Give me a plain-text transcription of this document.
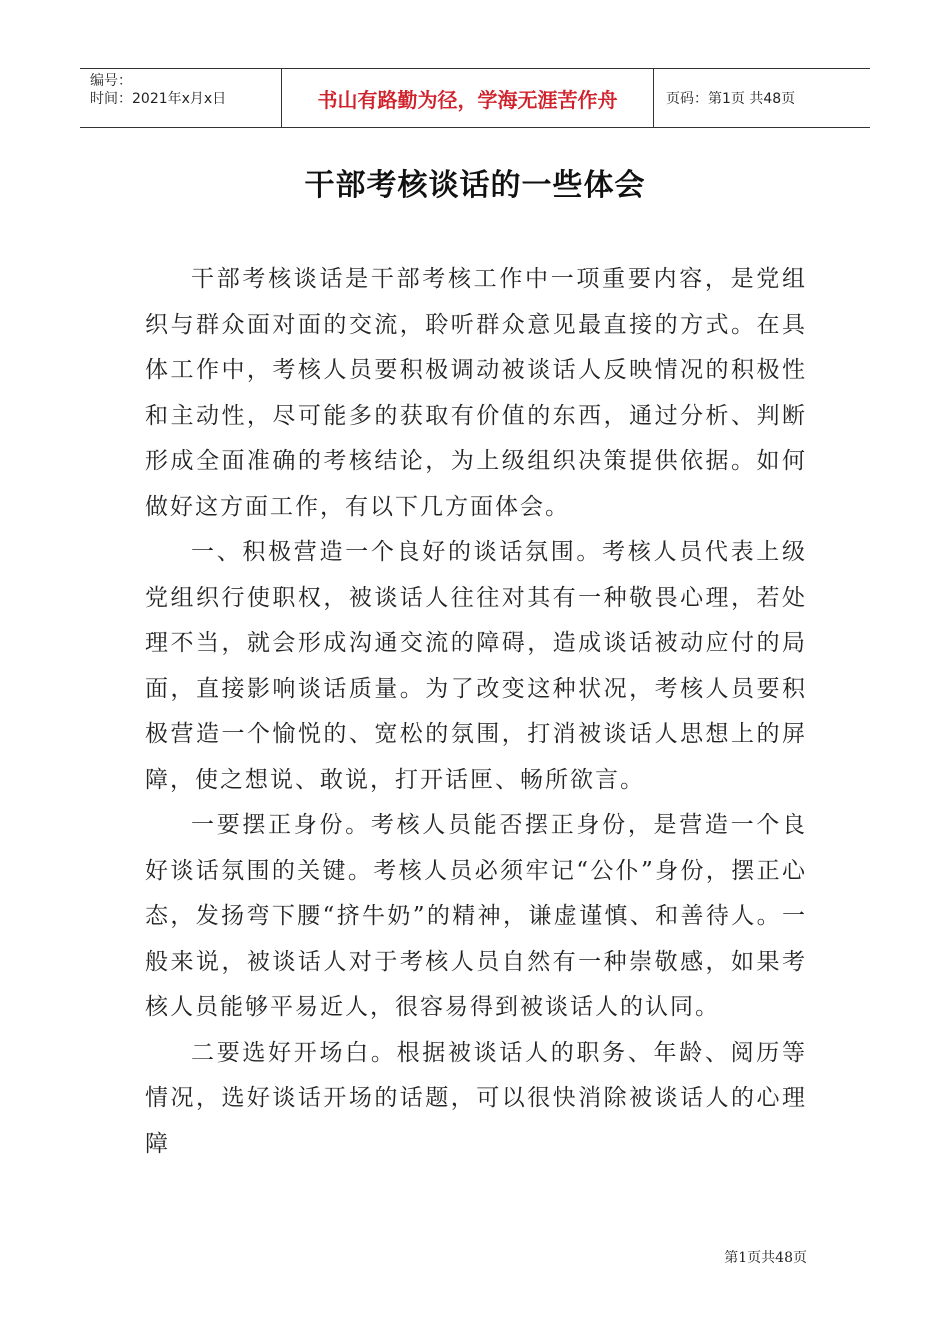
编号：
时间：2021年x月x日	书山有路勤为径，学海无涯苦作舟	页码：第1页 共48页
干部考核谈话的一些体会

干部考核谈话是干部考核工作中一项重要内容，是党组织与群众面对面的交流，聆听群众意见最直接的方式。在具体工作中，考核人员要积极调动被谈话人反映情况的积极性和主动性，尽可能多的获取有价值的东西，通过分析、判断形成全面准确的考核结论，为上级组织决策提供依据。如何做好这方面工作，有以下几方面体会。

一、积极营造一个良好的谈话氛围。考核人员代表上级党组织行使职权，被谈话人往往对其有一种敬畏心理，若处理不当，就会形成沟通交流的障碍，造成谈话被动应付的局面，直接影响谈话质量。为了改变这种状况，考核人员要积极营造一个愉悦的、宽松的氛围，打消被谈话人思想上的屏障，使之想说、敢说，打开话匣、畅所欲言。

一要摆正身份。考核人员能否摆正身份，是营造一个良好谈话氛围的关键。考核人员必须牢记“公仆”身份，摆正心态，发扬弯下腰“挤牛奶”的精神，谦虚谨慎、和善待人。一般来说，被谈话人对于考核人员自然有一种崇敬感，如果考核人员能够平易近人，很容易得到被谈话人的认同。

二要选好开场白。根据被谈话人的职务、年龄、阅历等情况，选好谈话开场的话题，可以很快消除被谈话人的心理障

第1页共48页
